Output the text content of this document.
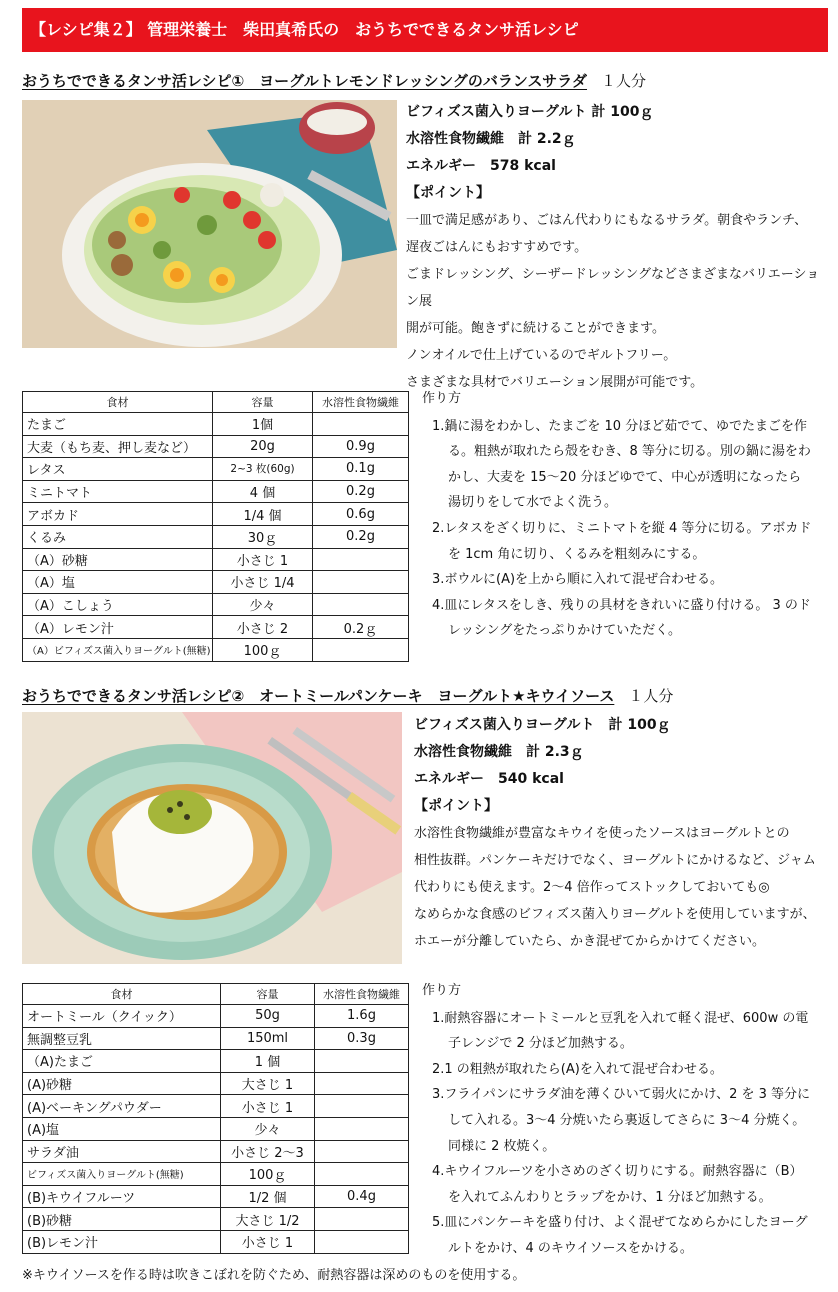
【レシピ集２】 管理栄養士　柴田真希氏の　おうちでできるタンサ活レシピ
おうちでできるタンサ活レシピ①　ヨーグルトレモンドレッシングのバランスサラダ １人分
ビフィズス菌入りヨーグルト 計 100ｇ
水溶性食物繊維　計 2.2ｇ
エネルギー　578 kcal
【ポイント】
一皿で満足感があり、ごはん代わりにもなるサラダ。朝食やランチ、
遅夜ごはんにもおすすめです。
ごまドレッシング、シーザードレッシングなどさまざまなバリエーション展
開が可能。飽きずに続けることができます。
ノンオイルで仕上げているのでギルトフリー。
さまざまな具材でバリエーション展開が可能です。
食材	容量	水溶性食物繊維
たまご	1個	
大麦（もち麦、押し麦など）	20g	0.9g
レタス	2~3 枚(60g)	0.1g
ミニトマト	4 個	0.2g
アボカド	1/4 個	0.6g
くるみ	30ｇ	0.2g
（A）砂糖	小さじ 1	
（A）塩	小さじ 1/4	
（A）こしょう	少々	
（A）レモン汁	小さじ 2	0.2ｇ
（A）ビフィズス菌入りヨーグルト(無糖)	100ｇ	
作り方
1.鍋に湯をわかし、たまごを 10 分ほど茹でて、ゆでたまごを作る。粗熱が取れたら殻をむき、8 等分に切る。別の鍋に湯をわかし、大麦を 15～20 分ほどゆでて、中心が透明になったら湯切りをして水でよく洗う。
2.レタスをざく切りに、ミニトマトを縦 4 等分に切る。アボカドを 1cm 角に切り、くるみを粗刻みにする。
3.ボウルに(A)を上から順に入れて混ぜ合わせる。
4.皿にレタスをしき、残りの具材をきれいに盛り付ける。 3 のドレッシングをたっぷりかけていただく。
おうちでできるタンサ活レシピ②　オートミールパンケーキ　ヨーグルト★キウイソース １人分
ビフィズス菌入りヨーグルト　計 100ｇ
水溶性食物繊維　計 2.3ｇ
エネルギー　540 kcal
【ポイント】
水溶性食物繊維が豊富なキウイを使ったソースはヨーグルトとの
相性抜群。パンケーキだけでなく、ヨーグルトにかけるなど、ジャム
代わりにも使えます。2～4 倍作ってストックしておいても◎
なめらかな食感のビフィズス菌入りヨーグルトを使用していますが、
ホエーが分離していたら、かき混ぜてからかけてください。
食材	容量	水溶性食物繊維
オートミール（クイック）	50g	1.6g
無調整豆乳	150ml	0.3g
（A)たまご	1 個	
(A)砂糖	大さじ 1	
(A)ベーキングパウダー	小さじ 1	
(A)塩	少々	
サラダ油	小さじ 2～3	
ビフィズス菌入りヨーグルト(無糖)	100ｇ	
(B)キウイフルーツ	1/2 個	0.4g
(B)砂糖	大さじ 1/2	
(B)レモン汁	小さじ 1	
作り方
1.耐熱容器にオートミールと豆乳を入れて軽く混ぜ、600w の電子レンジで 2 分ほど加熱する。
2.1 の粗熱が取れたら(A)を入れて混ぜ合わせる。
3.フライパンにサラダ油を薄くひいて弱火にかけ、2 を 3 等分にして入れる。3～4 分焼いたら裏返してさらに 3～4 分焼く。同様に 2 枚焼く。
4.キウイフルーツを小さめのざく切りにする。耐熱容器に（B）を入れてふんわりとラップをかけ、1 分ほど加熱する。
5.皿にパンケーキを盛り付け、よく混ぜてなめらかにしたヨーグルトをかけ、4 のキウイソースをかける。
※キウイソースを作る時は吹きこぼれを防ぐため、耐熱容器は深めのものを使用する。
